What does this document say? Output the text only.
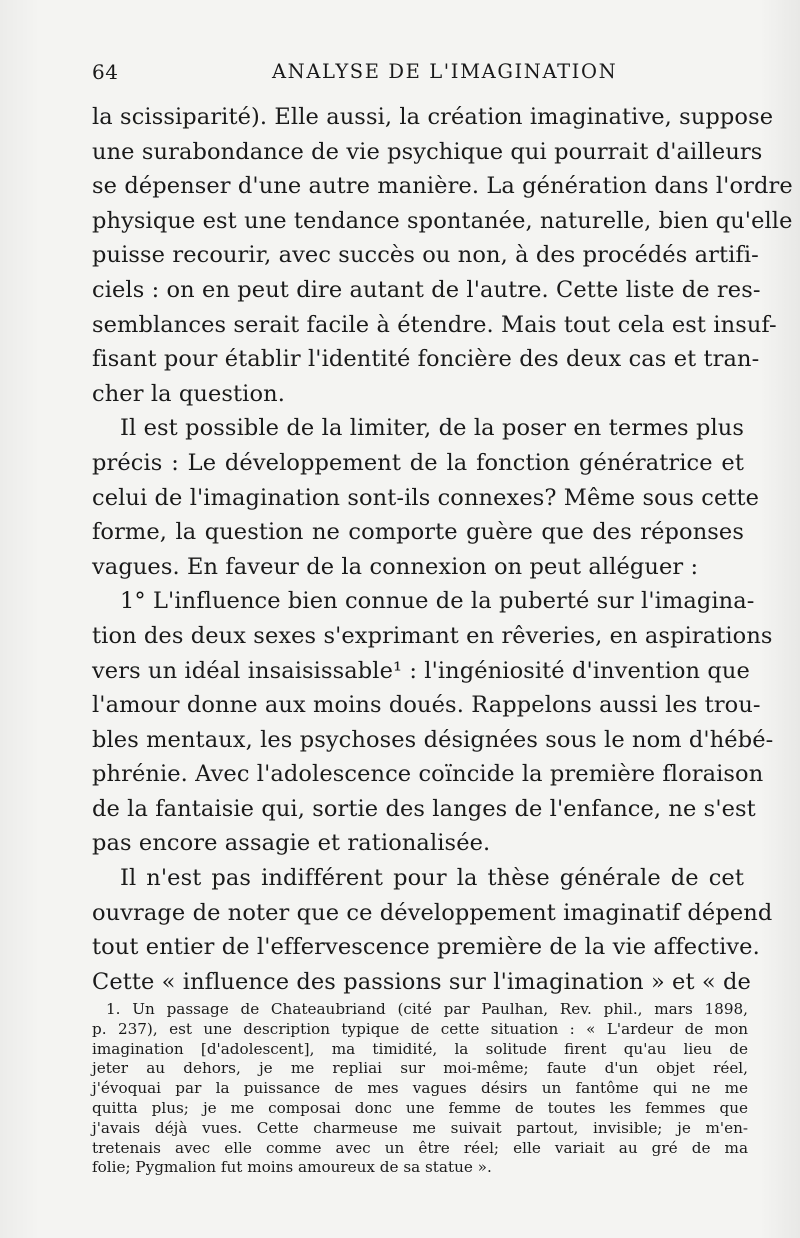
64	ANALYSE DE L'IMAGINATION
la scissiparité). Elle aussi, la création imaginative, suppose
une surabondance de vie psychique qui pourrait d'ailleurs
se dépenser d'une autre manière. La génération dans l'ordre
physique est une tendance spontanée, naturelle, bien qu'elle
puisse recourir, avec succès ou non, à des procédés artifi-
ciels : on en peut dire autant de l'autre. Cette liste de res-
semblances serait facile à étendre. Mais tout cela est insuf-
fisant pour établir l'identité foncière des deux cas et tran-
cher la question.
Il est possible de la limiter, de la poser en termes plus
précis : Le développement de la fonction génératrice et
celui de l'imagination sont-ils connexes? Même sous cette
forme, la question ne comporte guère que des réponses
vagues. En faveur de la connexion on peut alléguer :
1° L'influence bien connue de la puberté sur l'imagina-
tion des deux sexes s'exprimant en rêveries, en aspirations
vers un idéal insaisissable¹ : l'ingéniosité d'invention que
l'amour donne aux moins doués. Rappelons aussi les trou-
bles mentaux, les psychoses désignées sous le nom d'hébé-
phrénie. Avec l'adolescence coïncide la première floraison
de la fantaisie qui, sortie des langes de l'enfance, ne s'est
pas encore assagie et rationalisée.
Il n'est pas indifférent pour la thèse générale de cet
ouvrage de noter que ce développement imaginatif dépend
tout entier de l'effervescence première de la vie affective.
Cette « influence des passions sur l'imagination » et « de
1. Un passage de Chateaubriand (cité par Paulhan, Rev. phil., mars 1898,
p. 237), est une description typique de cette situation : « L'ardeur de mon
imagination [d'adolescent], ma timidité, la solitude firent qu'au lieu de
jeter au dehors, je me repliai sur moi-même; faute d'un objet réel,
j'évoquai par la puissance de mes vagues désirs un fantôme qui ne me
quitta plus; je me composai donc une femme de toutes les femmes que
j'avais déjà vues. Cette charmeuse me suivait partout, invisible; je m'en-
tretenais avec elle comme avec un être réel; elle variait au gré de ma
folie; Pygmalion fut moins amoureux de sa statue ».
